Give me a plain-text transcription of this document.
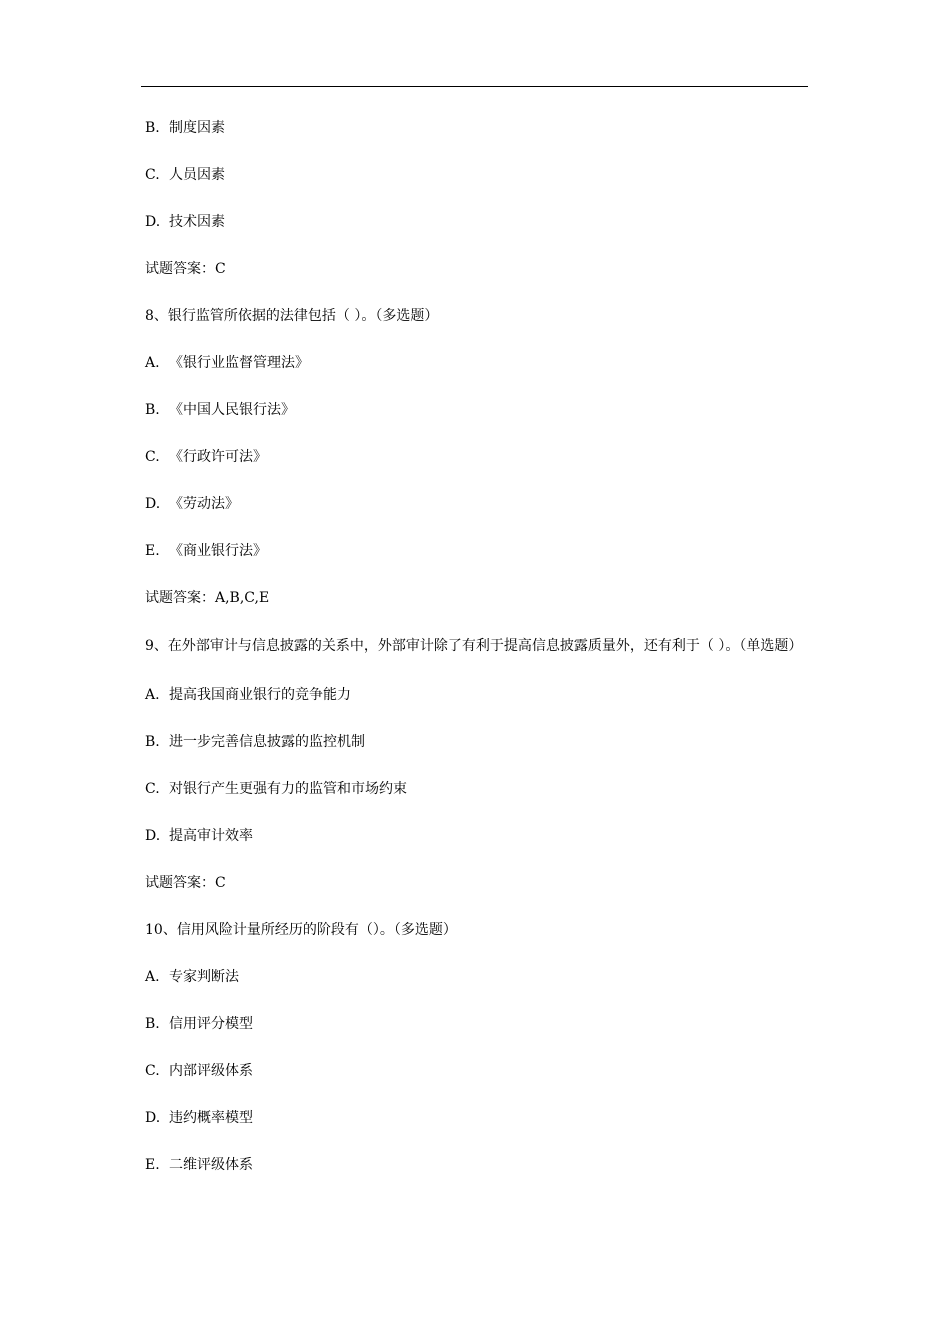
B. 制度因素
C. 人员因素
D. 技术因素
试题答案：C
8、银行监管所依据的法律包括（ ）。（多选题）
A. 《银行业监督管理法》
B. 《中国人民银行法》
C. 《行政许可法》
D. 《劳动法》
E. 《商业银行法》
试题答案：A,B,C,E
9、在外部审计与信息披露的关系中，外部审计除了有利于提高信息披露质量外，还有利于（ ）。（单选题）
A. 提高我国商业银行的竞争能力
B. 进一步完善信息披露的监控机制
C. 对银行产生更强有力的监管和市场约束
D. 提高审计效率
试题答案：C
10、信用风险计量所经历的阶段有（）。（多选题）
A. 专家判断法
B. 信用评分模型
C. 内部评级体系
D. 违约概率模型
E. 二维评级体系
